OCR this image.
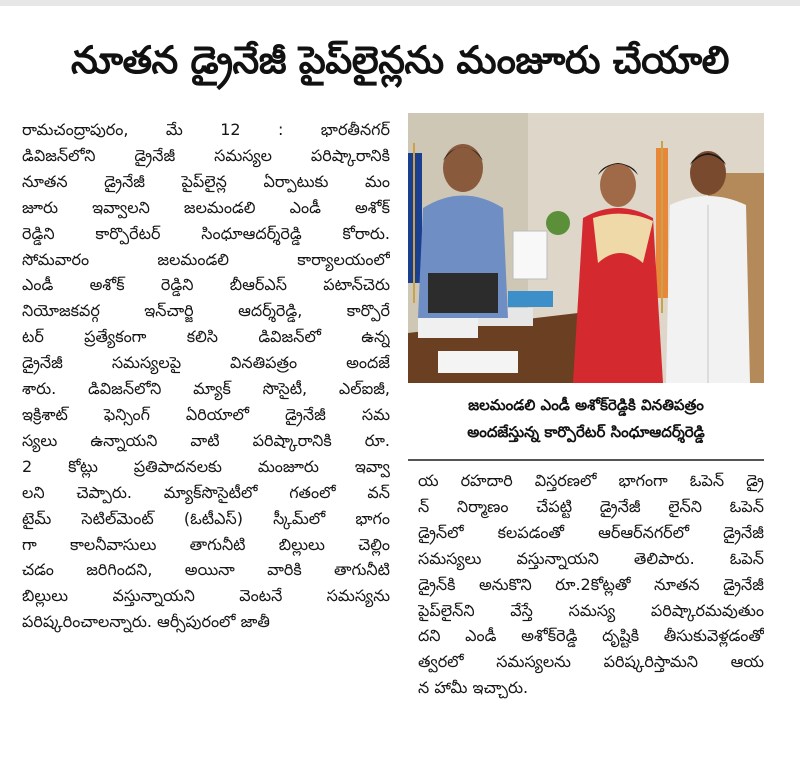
నూతన డ్రైనేజీ పైప్‌లైన్లను మంజూరు చేయాలి

రామచంద్రాపురం, మే 12 : భారతీనగర్
డివిజన్‌లోని డ్రైనేజీ సమస్యల పరిష్కారానికి
నూతన డ్రైనేజీ పైప్‌లైన్ల ఏర్పాటుకు మం
జూరు ఇవ్వాలని జలమండలి ఎండీ అశోక్
రెడ్డిని కార్పొరేటర్ సింధూఆదర్శ్‌రెడ్డి కోరారు.
సోమవారం జలమండలి కార్యాలయంలో
ఎండీ అశోక్ రెడ్డిని బీఆర్‌ఎస్ పటాన్‌చెరు
నియోజకవర్గ ఇన్‌చార్జి ఆదర్శ్‌రెడ్డి, కార్పొరే
టర్ ప్రత్యేకంగా కలిసి డివిజన్‌లో ఉన్న
డ్రైనేజీ సమస్యలపై వినతిపత్రం అందజే
శారు. డివిజన్‌లోని మ్యాక్ సొసైటీ, ఎల్‌ఐజీ,
ఇక్రిశాట్ ఫెన్సింగ్ ఏరియాలో డ్రైనేజీ సమ
స్యలు ఉన్నాయని వాటి పరిష్కారానికి రూ.
2 కోట్లు ప్రతిపాదనలకు మంజూరు ఇవ్వా
లని చెప్పారు. మ్యాక్‌సొసైటీలో గతంలో వన్
టైమ్ సెటిల్‌మెంట్ (ఓటీఎస్) స్కీమ్‌లో భాగం
గా కాలనీవాసులు తాగునీటి బిల్లులు చెల్లిం
చడం జరిగిందని, అయినా వారికి తాగునీటి
బిల్లులు వస్తున్నాయని వెంటనే సమస్యను
పరిష్కరించాలన్నారు. ఆర్సీపురంలో జాతీ

జలమండలి ఎండీ అశోక్‌రెడ్డికి వినతిపత్రం
అందజేస్తున్న కార్పొరేటర్ సింధూఆదర్శ్‌రెడ్డి

య రహదారి విస్తరణలో భాగంగా ఓపెన్ డ్రై
న్ నిర్మాణం చేపట్టి డ్రైనేజీ లైన్‌ని ఓపెన్
డ్రైన్‌లో కలపడంతో ఆర్‌ఆర్‌నగర్‌లో డ్రైనేజీ
సమస్యలు వస్తున్నాయని తెలిపారు. ఓపెన్
డ్రైన్‌కి అనుకొని రూ.2కోట్లతో నూతన డ్రైనేజీ
పైప్‌లైన్‌ని వేస్తే సమస్య పరిష్కారమవుతుం
దని ఎండీ అశోక్‌రెడ్డి దృష్టికి తీసుకువెళ్లడంతో
త్వరలో సమస్యలను పరిష్కరిస్తామని ఆయ
న హామీ ఇచ్చారు.
